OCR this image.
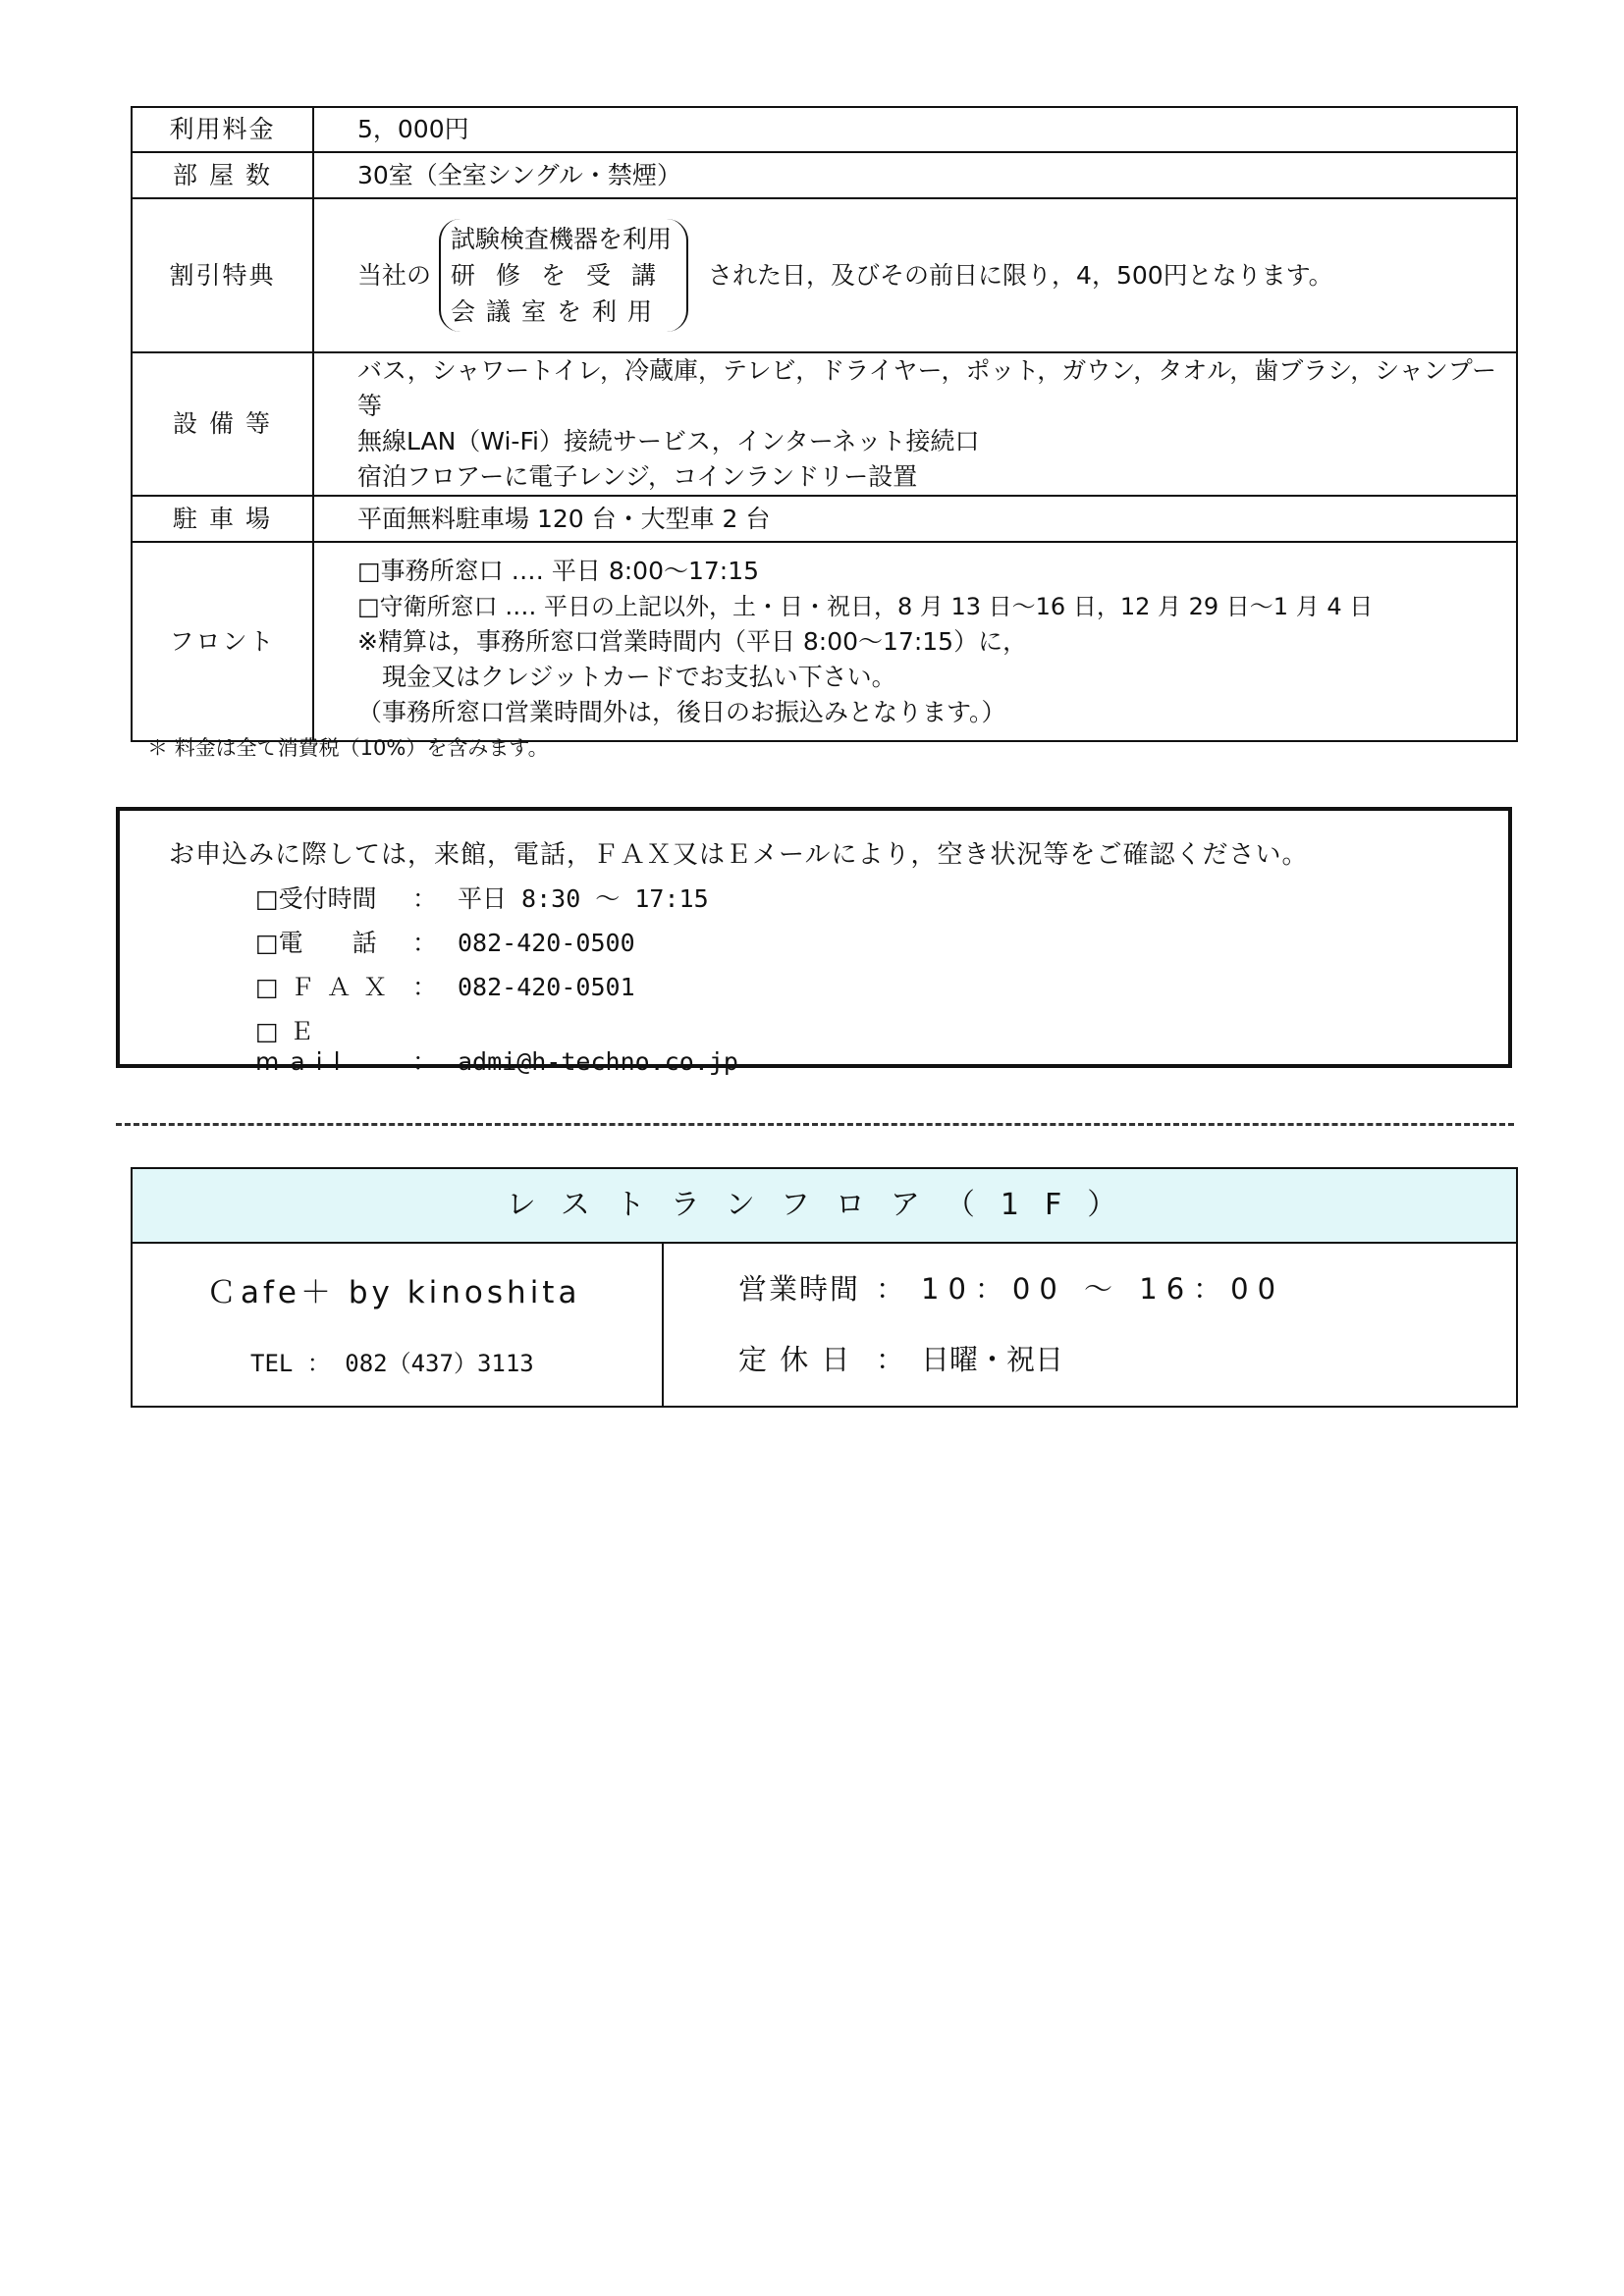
利用料金	5，000円
部 屋 数	30室（全室シングル・禁煙）
割引特典	当社の
試験検査機器を利用
研修を受講
会議室を利用
された日，及びその前日に限り，4，500円となります。

設 備 等	バス，シャワートイレ，冷蔵庫，テレビ，ドライヤー，ポット，ガウン，タオル，歯ブラシ，シャンプー等
無線LAN（Wi-Fi）接続サービス，インターネット接続口
宿泊フロアーに電子レンジ，コインランドリー設置

駐 車 場	平面無料駐車場 120 台・大型車 2 台
フロント	□事務所窓口 ‥‥ 平日 8:00～17:15
□守衛所窓口 ‥‥ 平日の上記以外，土・日・祝日，8 月 13 日～16 日，12 月 29 日～1 月 4 日
※精算は，事務所窓口営業時間内（平日 8:00～17:15）に，
　現金又はクレジットカードでお支払い下さい。
（事務所窓口営業時間外は，後日のお振込みとなります。）
＊ 料金は全て消費税（10%）を含みます。
お申込みに際しては，来館，電話，ＦＡＸ又はＥメールにより，空き状況等をご確認ください。
□受付時間 ： 平日 8:30 ～ 17:15
□電　　話 ： 082-420-0500
□ＦＡＸ ： 082-420-0501
□Ｅmail ： admi@h-techno.co.jp
レストランフロア（1F）
Ｃafe＋ by kinoshita
TEL ： 082（437）3113
営業時間 ： 10：00 ～ 16：00
定 休 日 ： 日曜・祝日
